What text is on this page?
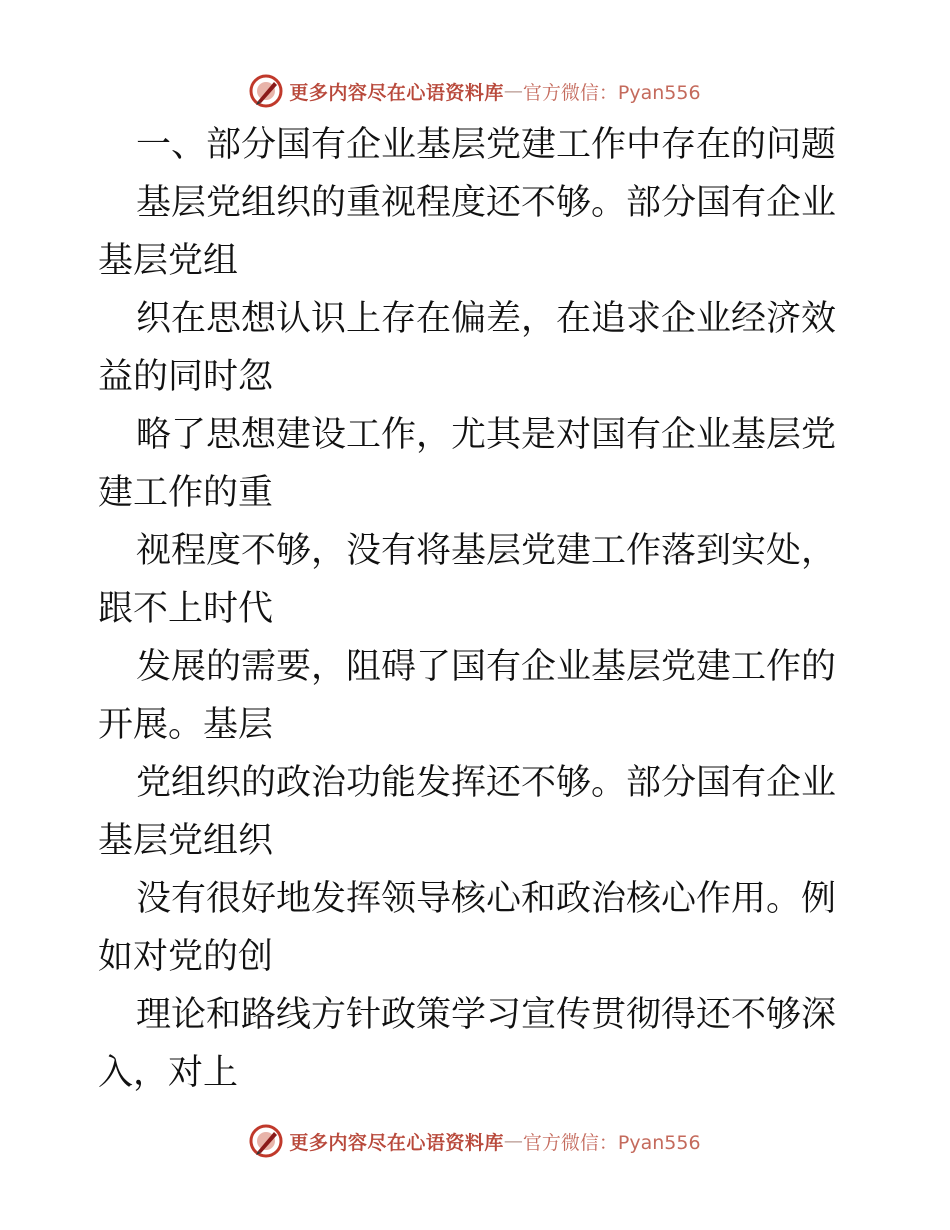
更多内容尽在心语资料库 — 官方微信：Pyan556
一、部分国有企业基层党建工作中存在的问题
基层党组织的重视程度还不够。部分国有企业基层党组
织在思想认识上存在偏差，在追求企业经济效益的同时忽
略了思想建设工作，尤其是对国有企业基层党建工作的重
视程度不够，没有将基层党建工作落到实处，跟不上时代
发展的需要，阻碍了国有企业基层党建工作的开展。基层
党组织的政治功能发挥还不够。部分国有企业基层党组织
没有很好地发挥领导核心和政治核心作用。例如对党的创
理论和路线方针政策学习宣传贯彻得还不够深入，对上
更多内容尽在心语资料库 — 官方微信：Pyan556
